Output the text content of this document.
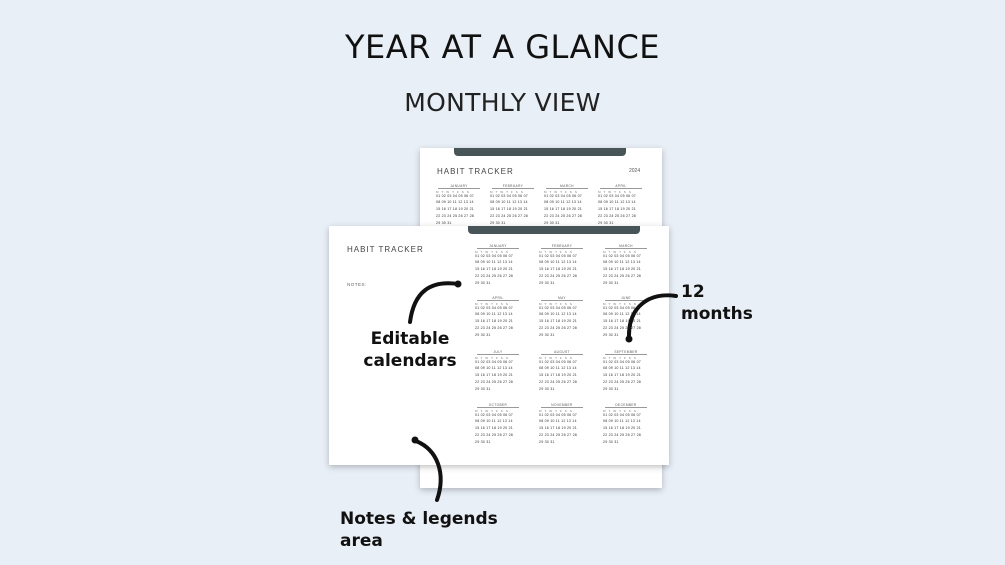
YEAR AT A GLANCE
MONTHLY VIEW
HABIT TRACKER	2024
JANUARY
M T W T F S S
01 02 03 04 05 06 07
08 09 10 11 12 13 14
15 16 17 18 19 20 21
22 23 24 25 26 27 28
29 30 31
FEBRUARY
M T W T F S S
01 02 03 04 05 06 07
08 09 10 11 12 13 14
15 16 17 18 19 20 21
22 23 24 25 26 27 28
29 30 31
MARCH
M T W T F S S
01 02 03 04 05 06 07
08 09 10 11 12 13 14
15 16 17 18 19 20 21
22 23 24 25 26 27 28
29 30 31
APRIL
M T W T F S S
01 02 03 04 05 06 07
08 09 10 11 12 13 14
15 16 17 18 19 20 21
22 23 24 25 26 27 28
29 30 31
HABIT TRACKER
NOTES:
JANUARY
M T W T F S S
01 02 03 04 05 06 07
08 09 10 11 12 13 14
15 16 17 18 19 20 21
22 23 24 25 26 27 28
29 30 31
FEBRUARY
M T W T F S S
01 02 03 04 05 06 07
08 09 10 11 12 13 14
15 16 17 18 19 20 21
22 23 24 25 26 27 28
29 30 31
MARCH
M T W T F S S
01 02 03 04 05 06 07
08 09 10 11 12 13 14
15 16 17 18 19 20 21
22 23 24 25 26 27 28
29 30 31
APRIL
M T W T F S S
01 02 03 04 05 06 07
08 09 10 11 12 13 14
15 16 17 18 19 20 21
22 23 24 25 26 27 28
29 30 31
MAY
M T W T F S S
01 02 03 04 05 06 07
08 09 10 11 12 13 14
15 16 17 18 19 20 21
22 23 24 25 26 27 28
29 30 31
JUNE
M T W T F S S
01 02 03 04 05 06 07
08 09 10 11 12 13 14
15 16 17 18 19 20 21
22 23 24 25 26 27 28
29 30 31
JULY
M T W T F S S
01 02 03 04 05 06 07
08 09 10 11 12 13 14
15 16 17 18 19 20 21
22 23 24 25 26 27 28
29 30 31
AUGUST
M T W T F S S
01 02 03 04 05 06 07
08 09 10 11 12 13 14
15 16 17 18 19 20 21
22 23 24 25 26 27 28
29 30 31
SEPTEMBER
M T W T F S S
01 02 03 04 05 06 07
08 09 10 11 12 13 14
15 16 17 18 19 20 21
22 23 24 25 26 27 28
29 30 31
OCTOBER
M T W T F S S
01 02 03 04 05 06 07
08 09 10 11 12 13 14
15 16 17 18 19 20 21
22 23 24 25 26 27 28
29 30 31
NOVEMBER
M T W T F S S
01 02 03 04 05 06 07
08 09 10 11 12 13 14
15 16 17 18 19 20 21
22 23 24 25 26 27 28
29 30 31
DECEMBER
M T W T F S S
01 02 03 04 05 06 07
08 09 10 11 12 13 14
15 16 17 18 19 20 21
22 23 24 25 26 27 28
29 30 31
Editable
calendars
12 months
Notes & legends area
